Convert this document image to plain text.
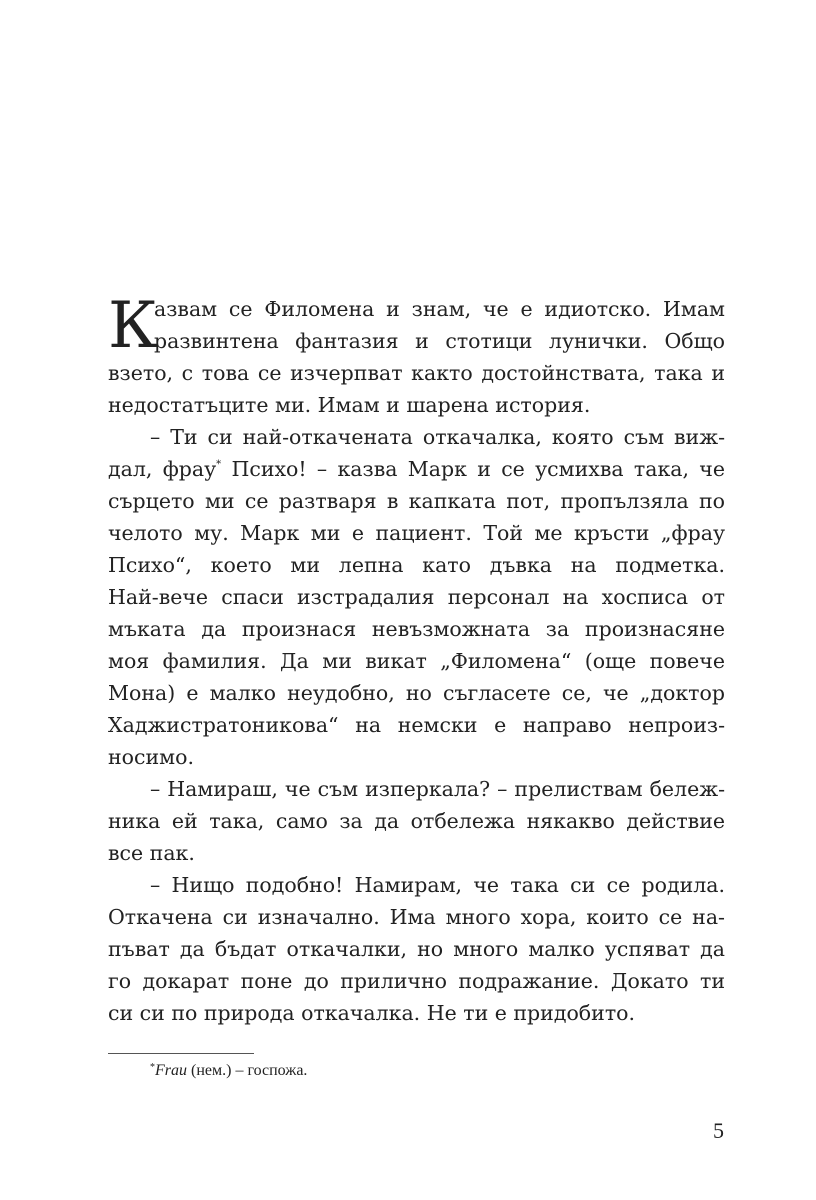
К
азвам се Филомена и знам, че е идиотско. Имам
развинтена фантазия и стотици лунички. Общо
взето, с това се изчерпват както достойнствата, така и
недостатъците ми. Имам и шарена история.
– Ти си най-откачената откачалка, която съм виж-
дал, фрау* Психо! – казва Марк и се усмихва така, че
сърцето ми се разтваря в капката пот, пропълзяла по
челото му. Марк ми е пациент. Той ме кръсти „фрау
Психо“, което ми лепна като дъвка на подметка.
Най-вече спаси изстрадалия персонал на хосписа от
мъката да произнася невъзможната за произнасяне
моя фамилия. Да ми викат „Филомена“ (още повече
Мона) е малко неудобно, но съгласете се, че „доктор
Хаджистратоникова“ на немски е направо непроиз-
носимо.
– Намираш, че съм изперкала? – прелиствам бележ-
ника ей така, само за да отбележа някакво действие
все пак.
– Нищо подобно! Намирам, че така си се родила.
Откачена си изначално. Има много хора, които се на-
пъват да бъдат откачалки, но много малко успяват да
го докарат поне до прилично подражание. Докато ти
си си по природа откачалка. Не ти е придобито.
*Frau (нем.) – госпожа.
5
